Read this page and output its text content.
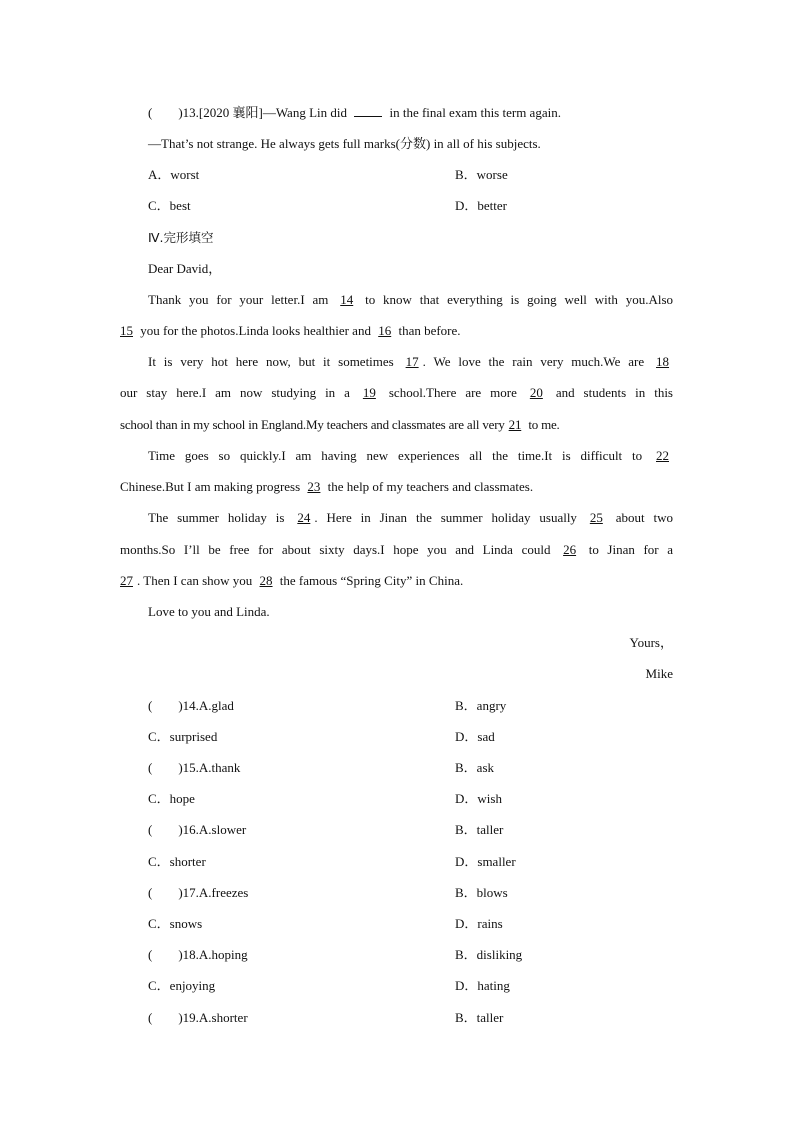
(　　)13.[2020 襄阳]—Wang Lin did	in the final exam this term again.
—That’s not strange. He always gets full marks(分数) in all of his subjects.
A．worst	B．worse
C．best	D．better
Ⅳ.完形填空
Dear David，
Thank you for your letter.I am 14 to know that everything is going well with you.Also
15 you for the photos.Linda looks healthier and 16 than before.
It is very hot here now, but it sometimes 17 . We love the rain very much.We are 18
our stay here.I am now studying in a 19 school.There are more 20 and students in this
school than in my school in England.My teachers and classmates are all very 21 to me.
Time goes so quickly.I am having new experiences all the time.It is difficult to 22
Chinese.But I am making progress 23 the help of my teachers and classmates.
The summer holiday is 24 . Here in Jinan the summer holiday usually 25 about two
months.So I’ll be free for about sixty days.I hope you and Linda could 26 to Jinan for a
27 . Then I can show you 28 the famous “Spring City” in China.
Love to you and Linda.
Yours，
Mike
(　　)14.A.glad	B．angry
C．surprised	D．sad
(　　)15.A.thank	B．ask
C．hope	D．wish
(　　)16.A.slower	B．taller
C．shorter	D．smaller
(　　)17.A.freezes	B．blows
C．snows	D．rains
(　　)18.A.hoping	B．disliking
C．enjoying	D．hating
(　　)19.A.shorter	B．taller
